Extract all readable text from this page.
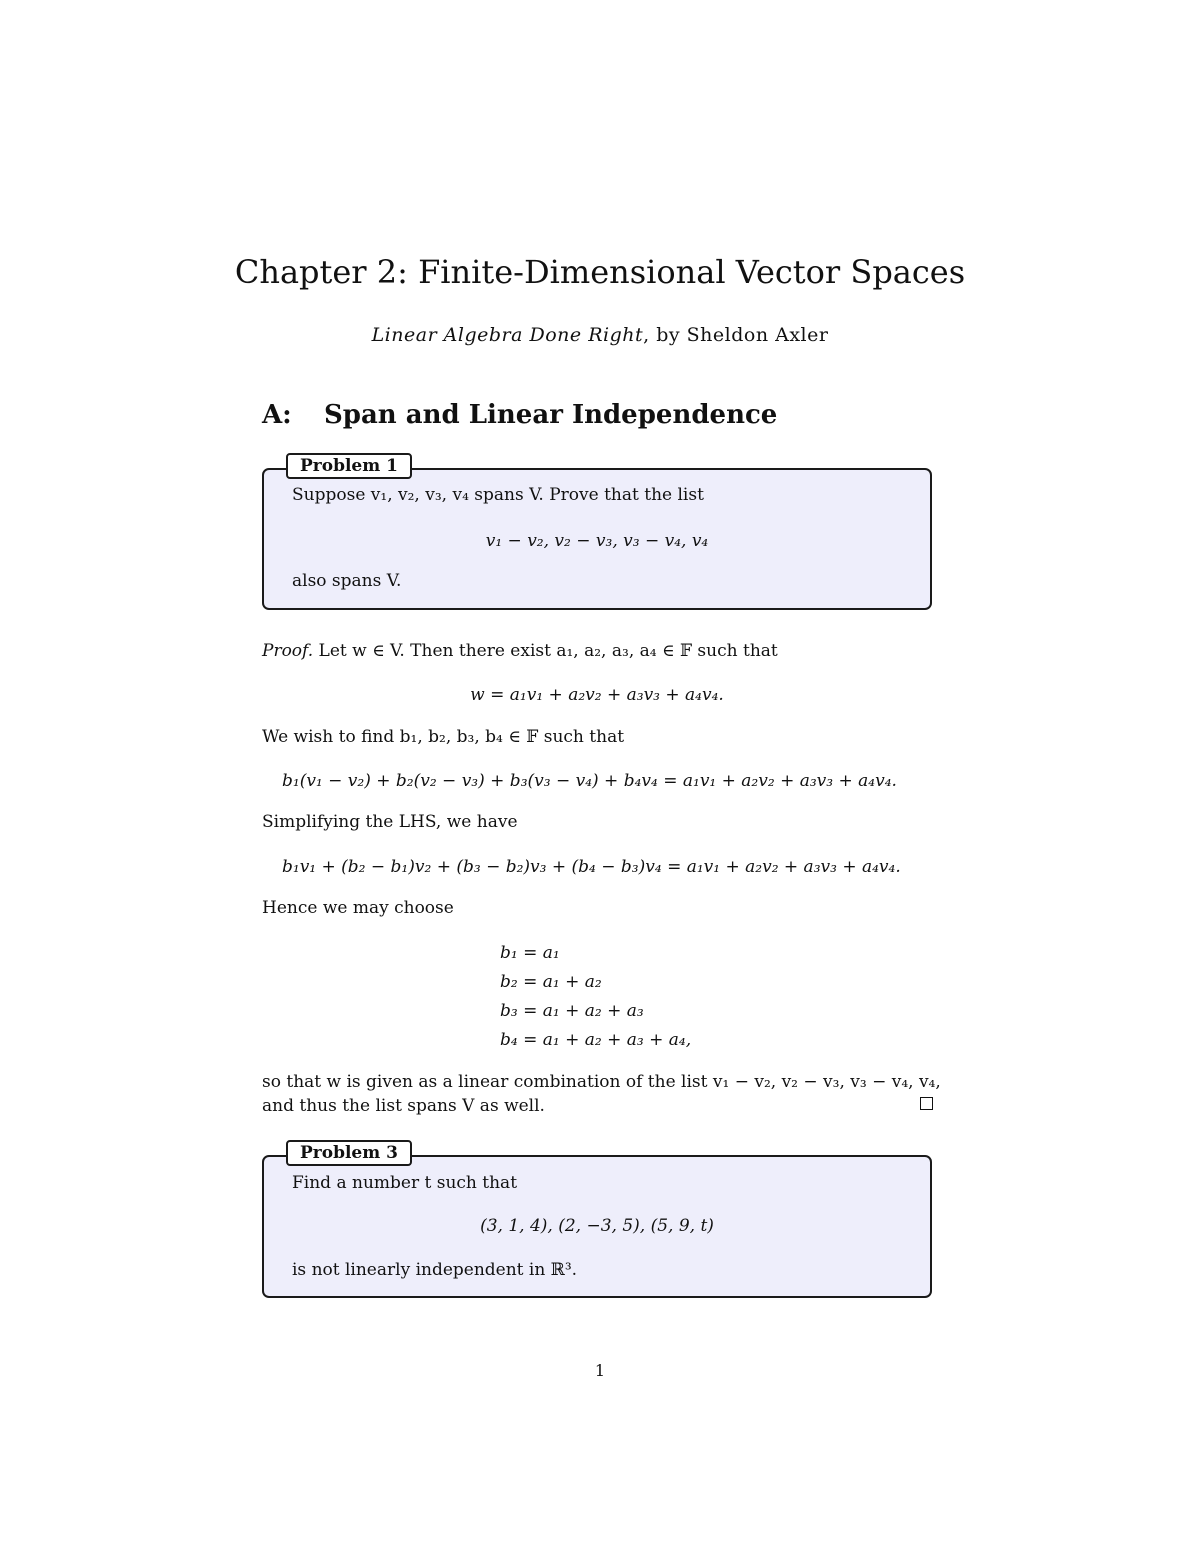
Chapter 2: Finite-Dimensional Vector Spaces
Linear Algebra Done Right, by Sheldon Axler
A: Span and Linear Independence
Problem 1
Suppose v₁, v₂, v₃, v₄ spans V. Prove that the list
v₁ − v₂, v₂ − v₃, v₃ − v₄, v₄
also spans V.
Proof. Let w ∈ V. Then there exist a₁, a₂, a₃, a₄ ∈ 𝔽 such that
w = a₁v₁ + a₂v₂ + a₃v₃ + a₄v₄.
We wish to find b₁, b₂, b₃, b₄ ∈ 𝔽 such that
b₁(v₁ − v₂) + b₂(v₂ − v₃) + b₃(v₃ − v₄) + b₄v₄ = a₁v₁ + a₂v₂ + a₃v₃ + a₄v₄.
Simplifying the LHS, we have
b₁v₁ + (b₂ − b₁)v₂ + (b₃ − b₂)v₃ + (b₄ − b₃)v₄ = a₁v₁ + a₂v₂ + a₃v₃ + a₄v₄.
Hence we may choose
b₁ = a₁
b₂ = a₁ + a₂
b₃ = a₁ + a₂ + a₃
b₄ = a₁ + a₂ + a₃ + a₄,
so that w is given as a linear combination of the list v₁ − v₂, v₂ − v₃, v₃ − v₄, v₄,
and thus the list spans V as well.
Problem 3
Find a number t such that
(3, 1, 4), (2, −3, 5), (5, 9, t)
is not linearly independent in ℝ³.
1
